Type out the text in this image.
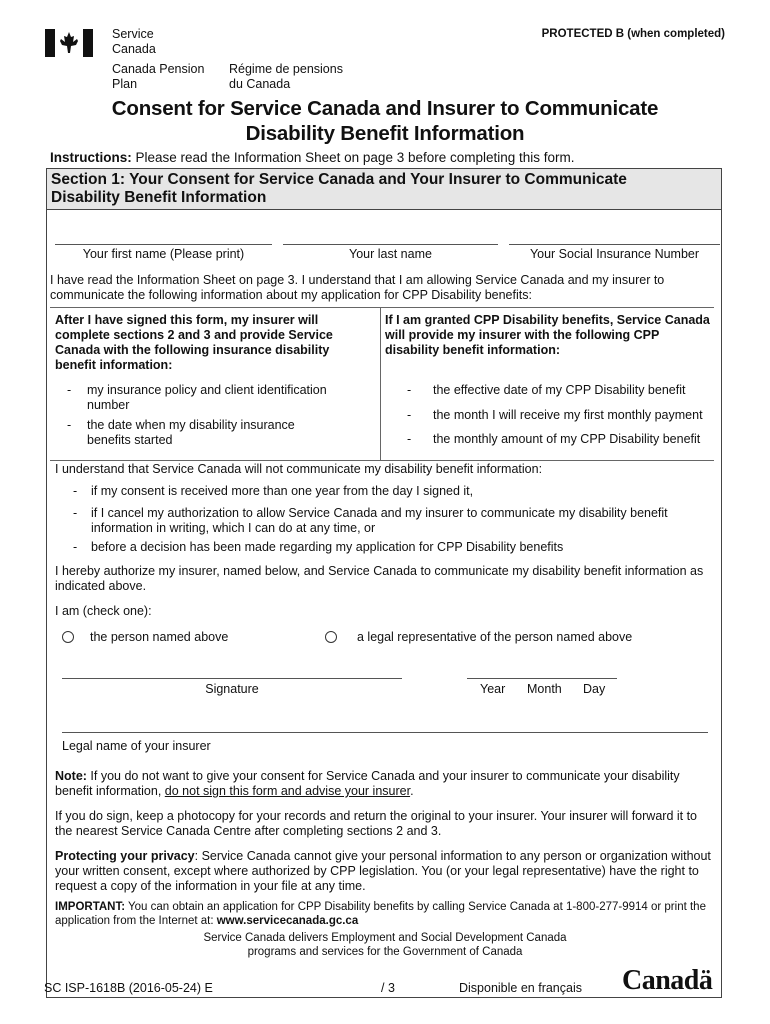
Service
Canada
Canada Pension
Plan
Régime de pensions
du Canada
PROTECTED B (when completed)
Consent for Service Canada and Insurer to Communicate
Disability Benefit Information
Instructions: Please read the Information Sheet on page 3 before completing this form.
Section 1: Your Consent for Service Canada and Your Insurer to Communicate
Disability Benefit Information
Your first name (Please print)	Your last name	Your Social Insurance Number
I have read the Information Sheet on page 3. I understand that I am allowing Service Canada and my insurer to
communicate the following information about my application for CPP Disability benefits:
After I have signed this form, my insurer will
complete sections 2 and 3 and provide Service
Canada with the following insurance disability
benefit information:
- my insurance policy and client identification
number
- the date when my disability insurance
benefits started
If I am granted CPP Disability benefits, Service Canada
will provide my insurer with the following CPP
disability benefit information:
- the effective date of my CPP Disability benefit
- the month I will receive my first monthly payment
- the monthly amount of my CPP Disability benefit
I understand that Service Canada will not communicate my disability benefit information:
- if my consent is received more than one year from the day I signed it,
- if I cancel my authorization to allow Service Canada and my insurer to communicate my disability benefit
information in writing, which I can do at any time, or
- before a decision has been made regarding my application for CPP Disability benefits
I hereby authorize my insurer, named below, and Service Canada to communicate my disability benefit information as
indicated above.
I am (check one):
the person named above	a legal representative of the person named above
Signature	Year Month Day
Legal name of your insurer
Note: If you do not want to give your consent for Service Canada and your insurer to communicate your disability
benefit information, do not sign this form and advise your insurer.
If you do sign, keep a photocopy for your records and return the original to your insurer. Your insurer will forward it to
the nearest Service Canada Centre after completing sections 2 and 3.
Protecting your privacy: Service Canada cannot give your personal information to any person or organization without
your written consent, except where authorized by CPP legislation. You (or your legal representative) have the right to
request a copy of the information in your file at any time.
IMPORTANT: You can obtain an application for CPP Disability benefits by calling Service Canada at 1-800-277-9914 or print the
application from the Internet at: www.servicecanada.gc.ca
Service Canada delivers Employment and Social Development Canada
programs and services for the Government of Canada
SC ISP-1618B (2016-05-24) E	/ 3	Disponible en français Canadä
